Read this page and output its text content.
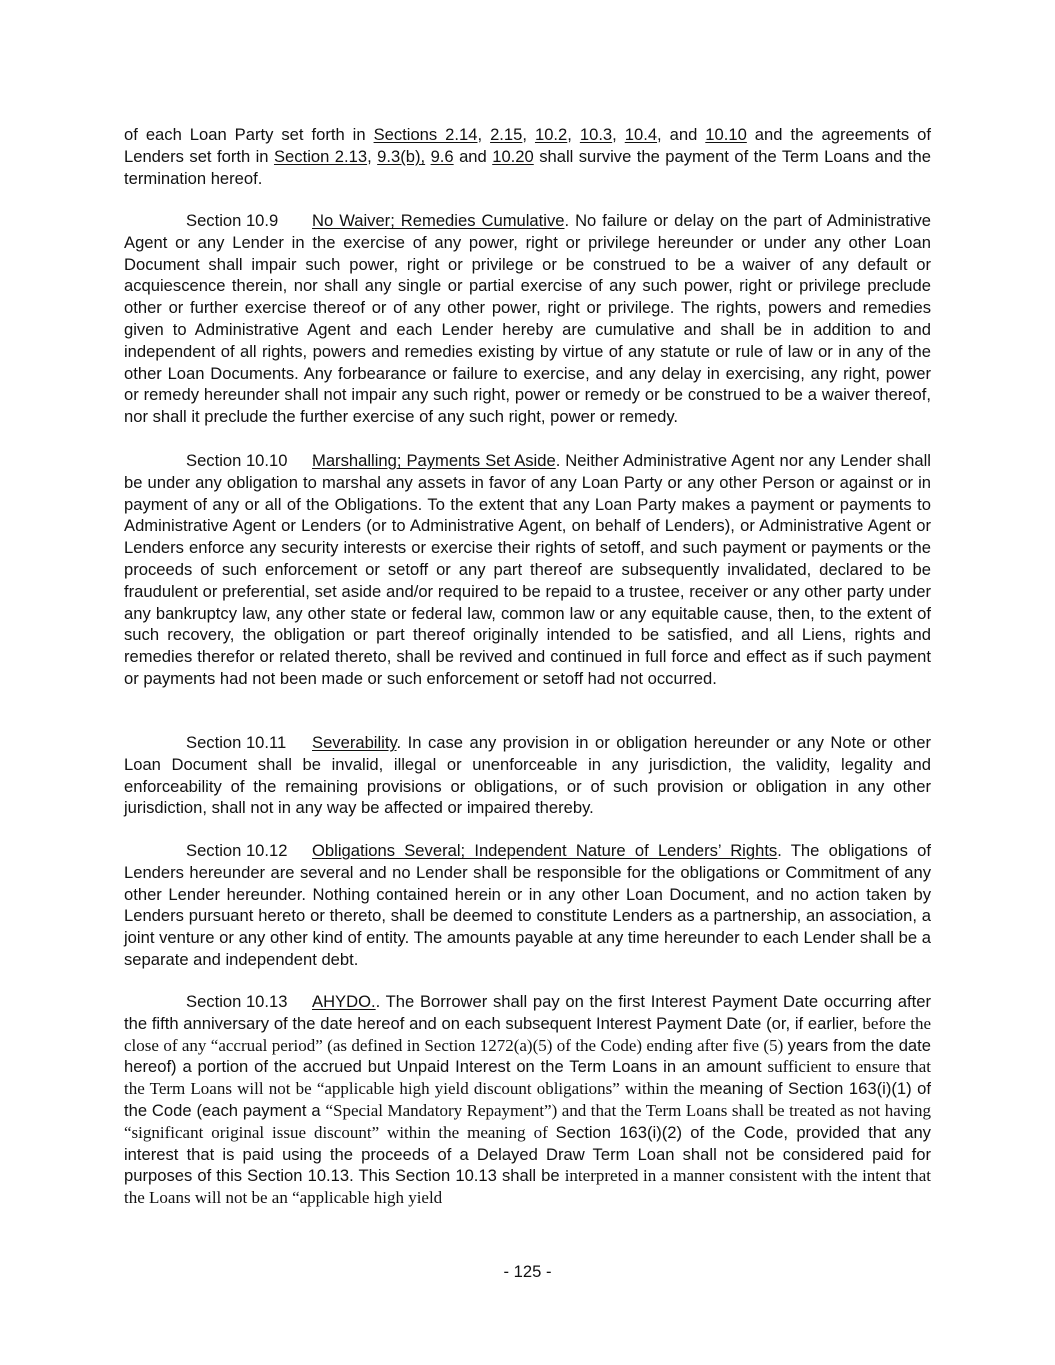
of each Loan Party set forth in Sections 2.14, 2.15, 10.2, 10.3, 10.4, and 10.10 and the agreements of Lenders set forth in Section 2.13, 9.3(b), 9.6 and 10.20 shall survive the payment of the Term Loans and the termination hereof.

Section 10.9 No Waiver; Remedies Cumulative. No failure or delay on the part of Administrative Agent or any Lender in the exercise of any power, right or privilege hereunder or under any other Loan Document shall impair such power, right or privilege or be construed to be a waiver of any default or acquiescence therein, nor shall any single or partial exercise of any such power, right or privilege preclude other or further exercise thereof or of any other power, right or privilege. The rights, powers and remedies given to Administrative Agent and each Lender hereby are cumulative and shall be in addition to and independent of all rights, powers and remedies existing by virtue of any statute or rule of law or in any of the other Loan Documents. Any forbearance or failure to exercise, and any delay in exercising, any right, power or remedy hereunder shall not impair any such right, power or remedy or be construed to be a waiver thereof, nor shall it preclude the further exercise of any such right, power or remedy.

Section 10.10 Marshalling; Payments Set Aside. Neither Administrative Agent nor any Lender shall be under any obligation to marshal any assets in favor of any Loan Party or any other Person or against or in payment of any or all of the Obligations. To the extent that any Loan Party makes a payment or payments to Administrative Agent or Lenders (or to Administrative Agent, on behalf of Lenders), or Administrative Agent or Lenders enforce any security interests or exercise their rights of setoff, and such payment or payments or the proceeds of such enforcement or setoff or any part thereof are subsequently invalidated, declared to be fraudulent or preferential, set aside and/or required to be repaid to a trustee, receiver or any other party under any bankruptcy law, any other state or federal law, common law or any equitable cause, then, to the extent of such recovery, the obligation or part thereof originally intended to be satisfied, and all Liens, rights and remedies therefor or related thereto, shall be revived and continued in full force and effect as if such payment or payments had not been made or such enforcement or setoff had not occurred.

Section 10.11 Severability. In case any provision in or obligation hereunder or any Note or other Loan Document shall be invalid, illegal or unenforceable in any jurisdiction, the validity, legality and enforceability of the remaining provisions or obligations, or of such provision or obligation in any other jurisdiction, shall not in any way be affected or impaired thereby.

Section 10.12 Obligations Several; Independent Nature of Lenders’ Rights. The obligations of Lenders hereunder are several and no Lender shall be responsible for the obligations or Commitment of any other Lender hereunder. Nothing contained herein or in any other Loan Document, and no action taken by Lenders pursuant hereto or thereto, shall be deemed to constitute Lenders as a partnership, an association, a joint venture or any other kind of entity. The amounts payable at any time hereunder to each Lender shall be a separate and independent debt.

Section 10.13 AHYDO.. The Borrower shall pay on the first Interest Payment Date occurring after the fifth anniversary of the date hereof and on each subsequent Interest Payment Date (or, if earlier, before the close of any “accrual period” (as defined in Section 1272(a)(5) of the Code) ending after five (5) years from the date hereof) a portion of the accrued but Unpaid Interest on the Term Loans in an amount sufficient to ensure that the Term Loans will not be “applicable high yield discount obligations” within the meaning of Section 163(i)(1) of the Code (each payment a “Special Mandatory Repayment”) and that the Term Loans shall be treated as not having “significant original issue discount” within the meaning of Section 163(i)(2) of the Code, provided that any interest that is paid using the proceeds of a Delayed Draw Term Loan shall not be considered paid for purposes of this Section 10.13. This Section 10.13 shall be interpreted in a manner consistent with the intent that the Loans will not be an “applicable high yield

- 125 -
